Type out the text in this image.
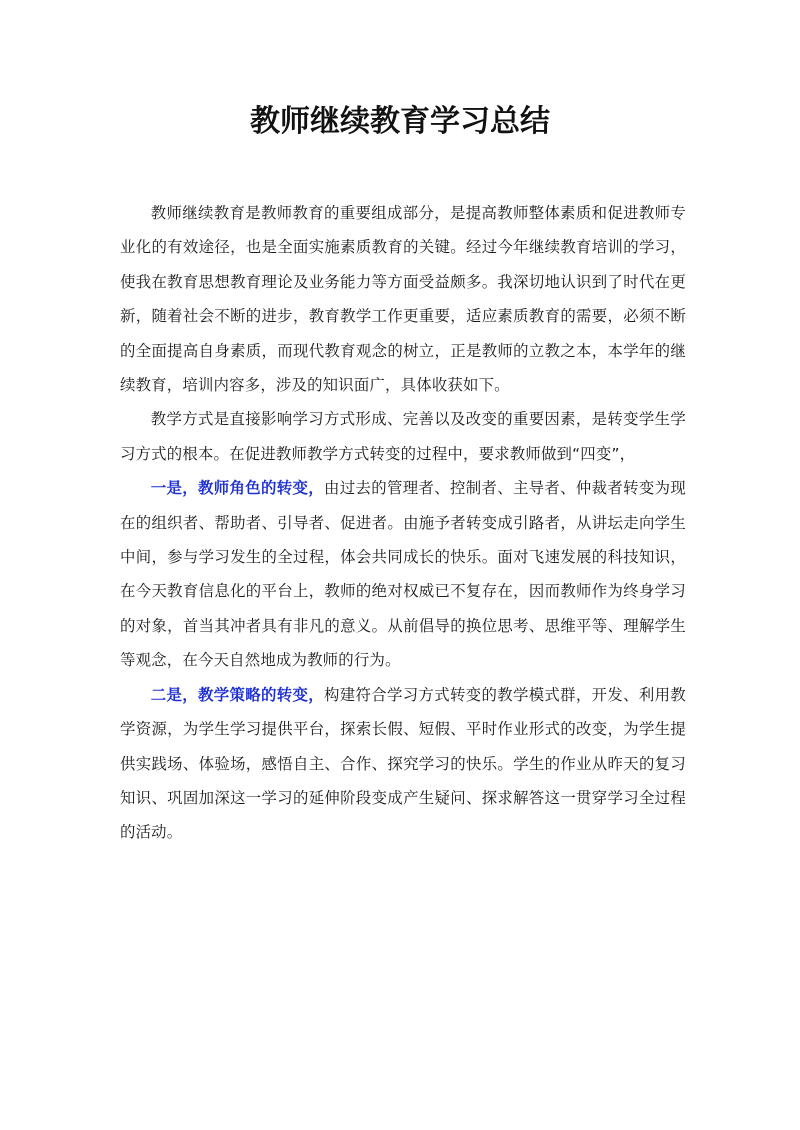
教师继续教育学习总结

教师继续教育是教师教育的重要组成部分，是提高教师整体素质和促进教师专业化的有效途径，也是全面实施素质教育的关键。经过今年继续教育培训的学习，使我在教育思想教育理论及业务能力等方面受益颇多。我深切地认识到了时代在更新，随着社会不断的进步，教育教学工作更重要，适应素质教育的需要，必须不断的全面提高自身素质，而现代教育观念的树立，正是教师的立教之本，本学年的继续教育，培训内容多，涉及的知识面广，具体收获如下。

教学方式是直接影响学习方式形成、完善以及改变的重要因素，是转变学生学习方式的根本。在促进教师教学方式转变的过程中，要求教师做到“四变”，

一是，教师角色的转变，由过去的管理者、控制者、主导者、仲裁者转变为现在的组织者、帮助者、引导者、促进者。由施予者转变成引路者，从讲坛走向学生中间，参与学习发生的全过程，体会共同成长的快乐。面对飞速发展的科技知识，在今天教育信息化的平台上，教师的绝对权威已不复存在，因而教师作为终身学习的对象，首当其冲者具有非凡的意义。从前倡导的换位思考、思维平等、理解学生等观念，在今天自然地成为教师的行为。

二是，教学策略的转变，构建符合学习方式转变的教学模式群，开发、利用教学资源，为学生学习提供平台，探索长假、短假、平时作业形式的改变，为学生提供实践场、体验场，感悟自主、合作、探究学习的快乐。学生的作业从昨天的复习知识、巩固加深这一学习的延伸阶段变成产生疑问、探求解答这一贯穿学习全过程的活动。
